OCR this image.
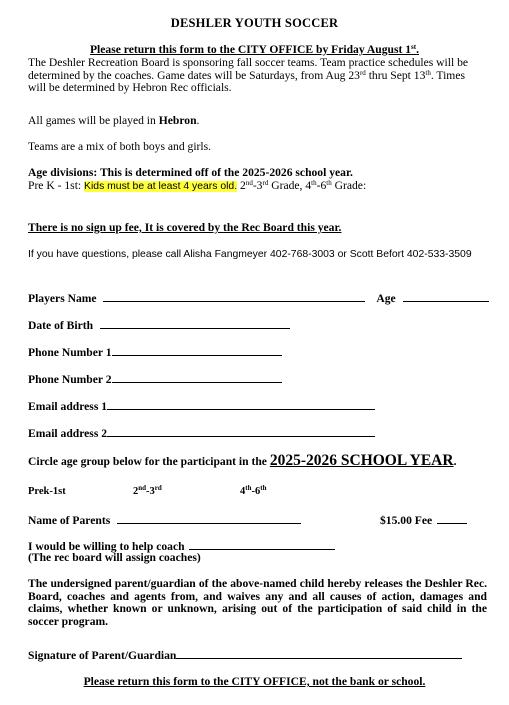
DESHLER YOUTH SOCCER
Please return this form to the CITY OFFICE by Friday August 1st.
The Deshler Recreation Board is sponsoring fall soccer teams. Team practice schedules will be
determined by the coaches. Game dates will be Saturdays, from Aug 23rd thru Sept 13th. Times
will be determined by Hebron Rec officials.
All games will be played in Hebron.
Teams are a mix of both boys and girls.
Age divisions: This is determined off of the 2025-2026 school year.
Pre K - 1st: Kids must be at least 4 years old. 2nd-3rd Grade, 4th-6th Grade:
There is no sign up fee, It is covered by the Rec Board this year.
If you have questions, please call Alisha Fangmeyer 402-768-3003 or Scott Befort 402-533-3509
Players Name	Age
Date of Birth
Phone Number 1
Phone Number 2
Email address 1
Email address 2
Circle age group below for the participant in the 2025-2026 SCHOOL YEAR.
Prek-1st	2nd-3rd	4th-6th
Name of Parents	$15.00 Fee
I would be willing to help coach
(The rec board will assign coaches)
The undersigned parent/guardian of the above-named child hereby releases the Deshler Rec. Board, coaches and agents from, and waives any and all causes of action, damages and claims, whether known or unknown, arising out of the participation of said child in the soccer program.
Signature of Parent/Guardian
Please return this form to the CITY OFFICE, not the bank or school.
